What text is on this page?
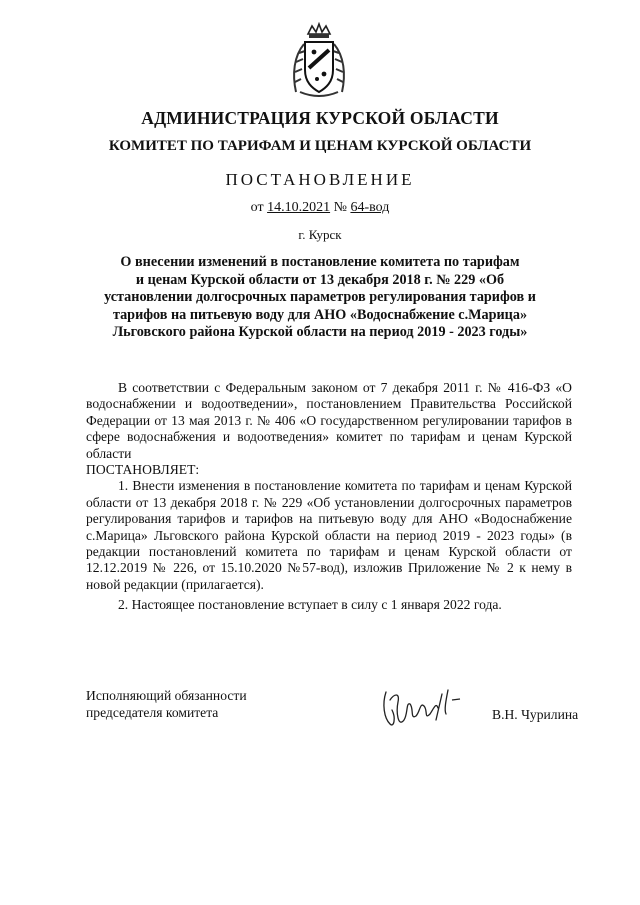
АДМИНИСТРАЦИЯ КУРСКОЙ ОБЛАСТИ
КОМИТЕТ ПО ТАРИФАМ И ЦЕНАМ КУРСКОЙ ОБЛАСТИ
ПОСТАНОВЛЕНИЕ
от 14.10.2021 № 64-вод
г. Курск
О внесении изменений в постановление комитета по тарифам
и ценам Курской области от 13 декабря 2018 г. № 229 «Об
установлении долгосрочных параметров регулирования тарифов и
тарифов на питьевую воду для АНО «Водоснабжение с.Марица»
Льговского района Курской области на период 2019 - 2023 годы»

В соответствии с Федеральным законом от 7 декабря 2011 г. № 416-ФЗ «О водоснабжении и водоотведении», постановлением Правительства Российской Федерации от 13 мая 2013 г. № 406 «О государственном регулировании тарифов в сфере водоснабжения и водоотведения» комитет по тарифам и ценам Курской области

ПОСТАНОВЛЯЕТ:

1. Внести изменения в постановление комитета по тарифам и ценам Курской области от 13 декабря 2018 г. № 229 «Об установлении долгосрочных параметров регулирования тарифов и тарифов на питьевую воду для АНО «Водоснабжение с.Марица» Льговского района Курской области на период 2019 - 2023 годы» (в редакции постановлений комитета по тарифам и ценам Курской области от 12.12.2019 № 226, от 15.10.2020 №57-вод), изложив Приложение № 2 к нему в новой редакции (прилагается).

2. Настоящее постановление вступает в силу с 1 января 2022 года.

Исполняющий обязанности
председателя комитета	В.Н. Чурилина
